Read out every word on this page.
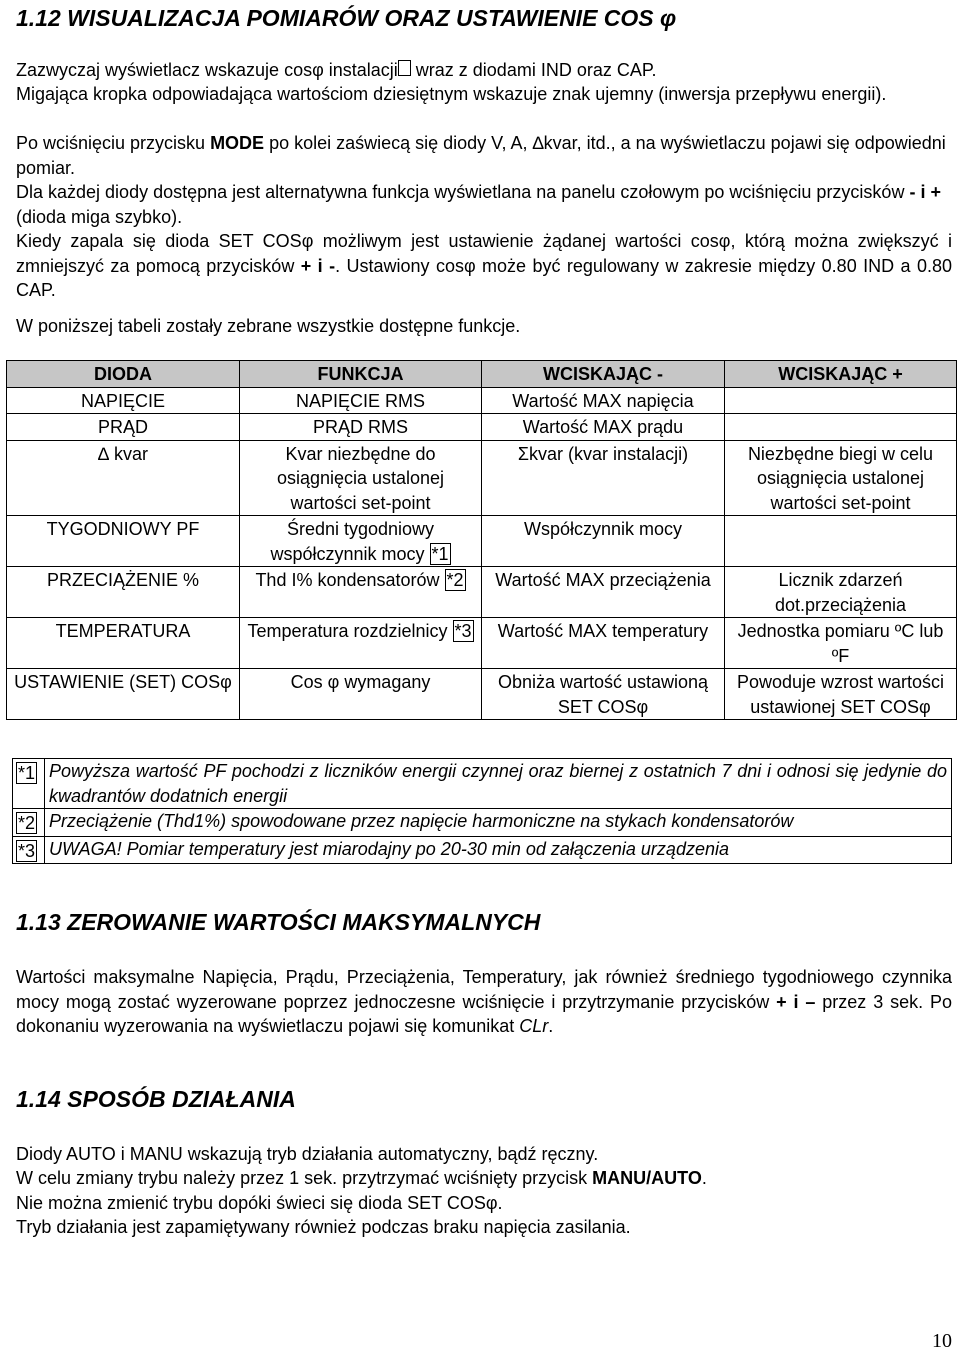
1.12 WISUALIZACJA POMIARÓW ORAZ USTAWIENIE COS φ

Zazwyczaj wyświetlacz wskazuje cosφ instalacji wraz z diodami IND oraz CAP.

Migająca kropka odpowiadająca wartościom dziesiętnym wskazuje znak ujemny (inwersja przepływu energii).

Po wciśnięciu przycisku MODE po kolei zaświecą się diody V, A, ∆kvar, itd., a na wyświetlaczu pojawi się odpowiedni pomiar.

Dla każdej diody dostępna jest alternatywna funkcja wyświetlana na panelu czołowym po wciśnięciu przycisków - i + (dioda miga szybko).

Kiedy zapala się dioda SET COSφ możliwym jest ustawienie żądanej wartości cosφ, którą można zwiększyć i zmniejszyć za pomocą przycisków + i -. Ustawiony cosφ może być regulowany w zakresie między 0.80 IND a 0.80 CAP.

W poniższej tabeli zostały zebrane wszystkie dostępne funkcje.

DIODA	FUNKCJA	WCISKAJĄC -	WCISKAJĄC +
NAPIĘCIE	NAPIĘCIE RMS	Wartość MAX napięcia	
PRĄD	PRĄD RMS	Wartość MAX prądu	
∆ kvar	Kvar niezbędne do osiągnięcia ustalonej wartości set-point	Σkvar (kvar instalacji)	Niezbędne biegi w celu osiągnięcia ustalonej wartości set-point
TYGODNIOWY PF	Średni tygodniowy współczynnik mocy *1	Współczynnik mocy	
PRZECIĄŻENIE %	Thd I% kondensatorów *2	Wartość MAX przeciążenia	Licznik zdarzeń dot.przeciążenia
TEMPERATURA	Temperatura rozdzielnicy *3	Wartość MAX temperatury	Jednostka pomiaru ºC lub ºF
USTAWIENIE (SET) COSφ	Cos φ wymagany	Obniża wartość ustawioną SET COSφ	Powoduje wzrost wartości ustawionej SET COSφ
*1	Powyższa wartość PF pochodzi z liczników energii czynnej oraz biernej z ostatnich 7 dni i odnosi się jedynie do kwadrantów dodatnich energii
*2	Przeciążenie (Thd1%) spowodowane przez napięcie harmoniczne na stykach kondensatorów
*3	UWAGA! Pomiar temperatury jest miarodajny po 20-30 min od załączenia urządzenia
1.13 ZEROWANIE WARTOŚCI MAKSYMALNYCH

Wartości maksymalne Napięcia, Prądu, Przeciążenia, Temperatury, jak również średniego tygodniowego czynnika mocy mogą zostać wyzerowane poprzez jednoczesne wciśnięcie i przytrzymanie przycisków + i – przez 3 sek. Po dokonaniu wyzerowania na wyświetlaczu pojawi się komunikat CLr.

1.14 SPOSÓB DZIAŁANIA

Diody AUTO i MANU wskazują tryb działania automatyczny, bądź ręczny.

W celu zmiany trybu należy przez 1 sek. przytrzymać wciśnięty przycisk MANU/AUTO.

Nie można zmienić trybu dopóki świeci się dioda SET COSφ.

Tryb działania jest zapamiętywany również podczas braku napięcia zasilania.

10
